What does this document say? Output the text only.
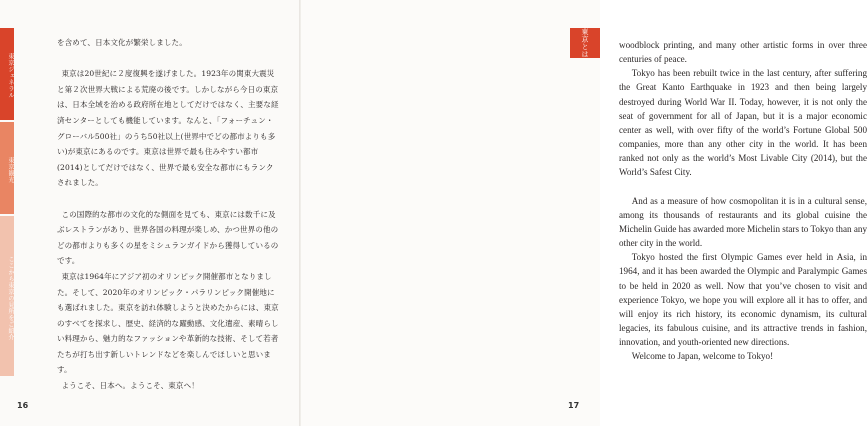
東京ジェネラル
東京観光
ここから東京の見所をご紹介

を含めて、日本文化が繁栄しました。

東京は20世紀に２度復興を遂げました。1923年の関東大震災と第２次世界大戦による荒廃の後です。しかしながら今日の東京は、日本全域を治める政府所在地としてだけではなく、主要な経済センターとしても機能しています。なんと、「フォーチュン・グローバル500社」のうち50社以上(世界中でどの都市よりも多い)が東京にあるのです。東京は世界で最も住みやすい都市(2014)としてだけではなく、世界で最も安全な都市にもランクされました。

この国際的な都市の文化的な側面を見ても、東京には数千に及ぶレストランがあり、世界各国の料理が楽しめ、かつ世界の他のどの都市よりも多くの星をミシュランガイドから獲得しているのです。

東京は1964年にアジア初のオリンピック開催都市となりました。そして、2020年のオリンピック・パラリンピック開催地にも選ばれました。東京を訪れ体験しようと決めたからには、東京のすべてを探求し、歴史、経済的な躍動感、文化遺産、素晴らしい料理から、魅力的なファッションや革新的な技術、そして若者たちが打ち出す新しいトレンドなどを楽しんでほしいと思います。

ようこそ、日本へ。ようこそ、東京へ！

16

woodblock printing, and many other artistic forms in over three centuries of peace.

Tokyo has been rebuilt twice in the last century, after suffering the Great Kanto Earthquake in 1923 and then being largely destroyed during World War II. Today, however, it is not only the seat of government for all of Japan, but it is a major economic center as well, with over fifty of the world’s Fortune Global 500 companies, more than any other city in the world. It has been ranked not only as the world’s Most Livable City (2014), but the World’s Safest City.

And as a measure of how cosmopolitan it is in a cultural sense, among its thousands of restaurants and its global cuisine the Michelin Guide has awarded more Michelin stars to Tokyo than any other city in the world.

Tokyo hosted the first Olympic Games ever held in Asia, in 1964, and it has been awarded the Olympic and Paralympic Games to be held in 2020 as well. Now that you’ve chosen to visit and experience Tokyo, we hope you will explore all it has to offer, and will enjoy its rich history, its economic dynamism, its cultural legacies, its fabulous cuisine, and its attractive trends in fashion, innovation, and youth-oriented new directions.

Welcome to Japan, welcome to Tokyo!

東京とは
17
